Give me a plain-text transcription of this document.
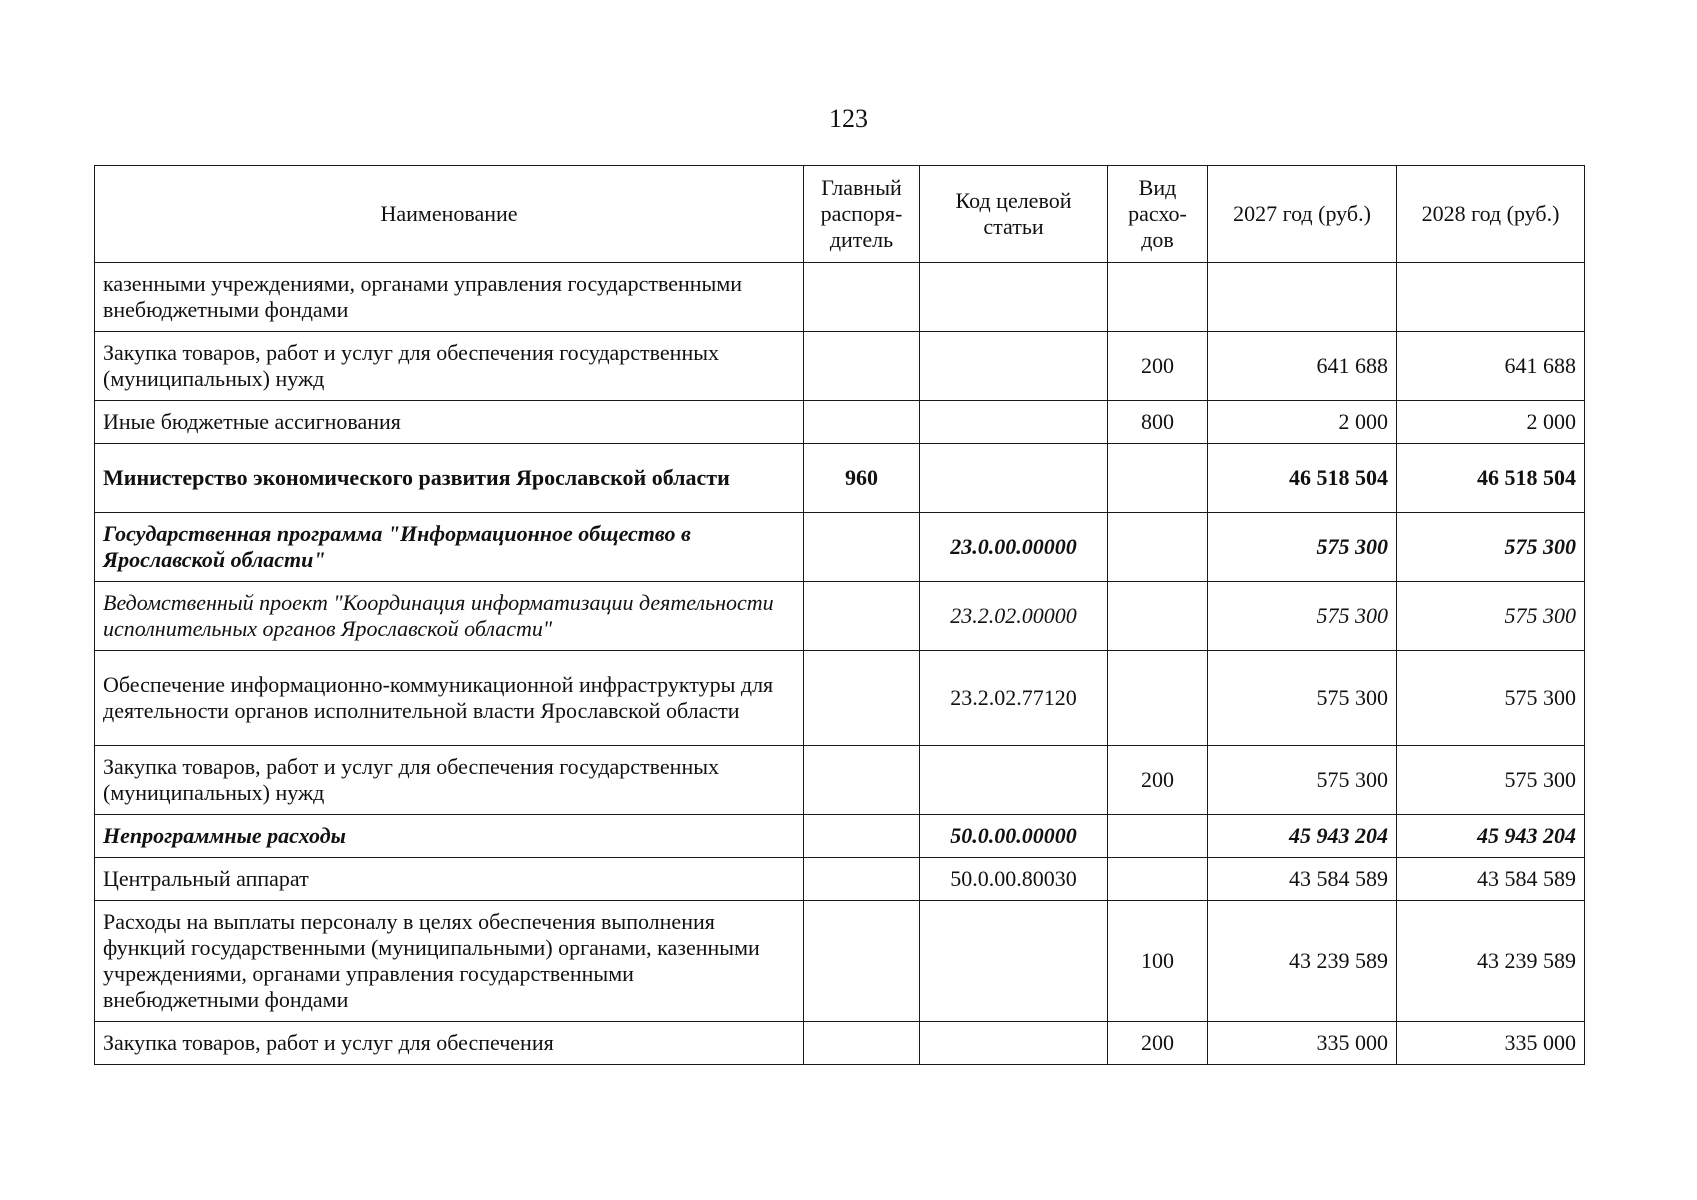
123
Наименование	Главный распоря-дитель	Код целевой статьи	Вид расхо-дов	2027 год (руб.)	2028 год (руб.)
казенными учреждениями, органами управления государственными внебюджетными фондами					
Закупка товаров, работ и услуг для обеспечения государственных (муниципальных) нужд			200	641 688	641 688
Иные бюджетные ассигнования			800	2 000	2 000
Министерство экономического развития Ярославской области	960			46 518 504	46 518 504
Государственная программа "Информационное общество в Ярославской области"		23.0.00.00000		575 300	575 300
Ведомственный проект "Координация информатизации деятельности исполнительных органов Ярославской области"		23.2.02.00000		575 300	575 300
Обеспечение информационно-коммуникационной инфраструктуры для деятельности органов исполнительной власти Ярославской области		23.2.02.77120		575 300	575 300
Закупка товаров, работ и услуг для обеспечения государственных (муниципальных) нужд			200	575 300	575 300
Непрограммные расходы		50.0.00.00000		45 943 204	45 943 204
Центральный аппарат		50.0.00.80030		43 584 589	43 584 589
Расходы на выплаты персоналу в целях обеспечения выполнения функций государственными (муниципальными) органами, казенными учреждениями, органами управления государственными внебюджетными фондами			100	43 239 589	43 239 589
Закупка товаров, работ и услуг для обеспечения			200	335 000	335 000
